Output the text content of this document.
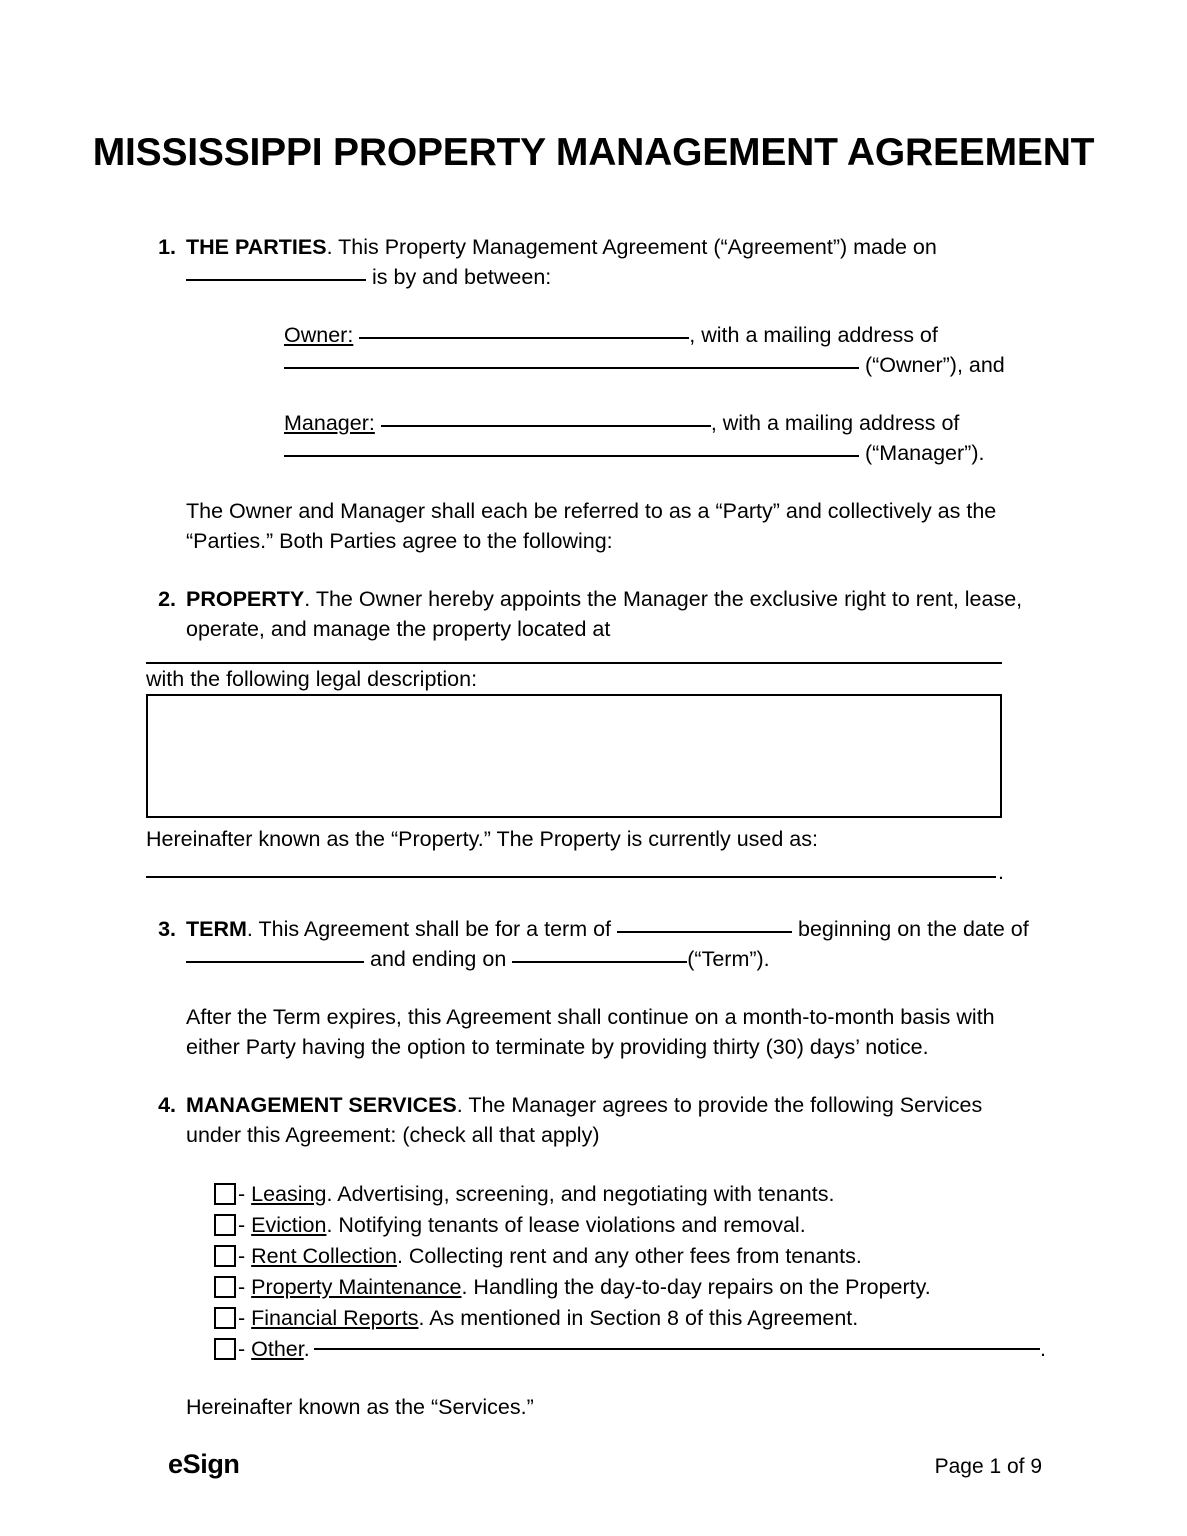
MISSISSIPPI PROPERTY MANAGEMENT AGREEMENT
1. THE PARTIES. This Property Management Agreement (“Agreement”) made on  is by and between:
Owner:	, with a mailing address of
(“Owner”), and
Manager:	, with a mailing address of
(“Manager”).
The Owner and Manager shall each be referred to as a “Party” and collectively as the “Parties.” Both Parties agree to the following:
2. PROPERTY. The Owner hereby appoints the Manager the exclusive right to rent, lease, operate, and manage the property located at
with the following legal description:
Hereinafter known as the “Property.” The Property is currently used as:
.
3. TERM. This Agreement shall be for a term of	beginning on the date of  and ending on	(“Term”).
After the Term expires, this Agreement shall continue on a month-to-month basis with either Party having the option to terminate by providing thirty (30) days’ notice.
4. MANAGEMENT SERVICES. The Manager agrees to provide the following Services under this Agreement: (check all that apply)
- Leasing. Advertising, screening, and negotiating with tenants.
- Eviction. Notifying tenants of lease violations and removal.
- Rent Collection. Collecting rent and any other fees from tenants.
- Property Maintenance. Handling the day-to-day repairs on the Property.
- Financial Reports. As mentioned in Section 8 of this Agreement.
- Other.	.
Hereinafter known as the “Services.”
eSign	Page 1 of 9
